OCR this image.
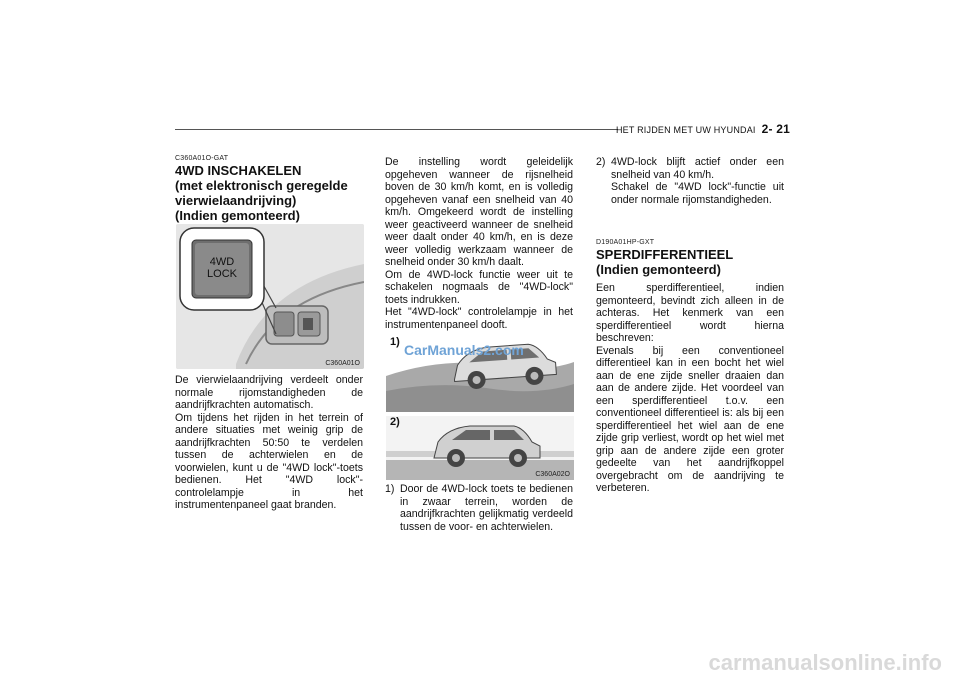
HET RIJDEN MET UW HYUNDAI 2- 21
C360A01O-GAT
4WD INSCHAKELEN
(met elektronisch geregelde
vierwielaandrijving)
(Indien gemonteerd)
4WD
LOCK
C360A01O

De vierwielaandrijving verdeelt onder normale rijomstandigheden de aandrijfkrachten automatisch.

Om tijdens het rijden in het terrein of andere situaties met weinig grip de aandrijfkrachten 50:50 te verdelen tussen de achterwielen en de voorwielen, kunt u de "4WD lock"-toets bedienen. Het "4WD lock"-controlelampje in het instrumentenpaneel gaat branden.

De instelling wordt geleidelijk opgeheven wanneer de rijsnelheid boven de 30 km/h komt, en is volledig opgeheven vanaf een snelheid van 40 km/h. Omgekeerd wordt de instelling weer geactiveerd wanneer de snelheid weer daalt onder 40 km/h, en is deze weer volledig werkzaam wanneer de snelheid onder 30 km/h daalt.

Om de 4WD-lock functie weer uit te schakelen nogmaals de "4WD-lock" toets indrukken.

Het "4WD-lock" controlelampje in het instrumentenpaneel dooft.

1) CarManuals2.com
2)
C360A02O
1) Door de 4WD-lock toets te bedienen in zwaar terrein, worden de aandrijfkrachten gelijkmatig verdeeld tussen de voor- en achterwielen.
2) 4WD-lock blijft actief onder een snelheid van 40 km/h.
Schakel de "4WD lock"-functie uit onder normale rijomstandigheden.
D190A01HP-GXT
SPERDIFFERENTIEEL
(Indien gemonteerd)

Een sperdifferentieel, indien gemonteerd, bevindt zich alleen in de achteras. Het kenmerk van een sperdifferentieel wordt hierna beschreven:

Evenals bij een conventioneel differentieel kan in een bocht het wiel aan de ene zijde sneller draaien dan aan de andere zijde. Het voordeel van een sperdifferentieel t.o.v. een conventioneel differentieel is: als bij een sperdifferentieel het wiel aan de ene zijde grip verliest, wordt op het wiel met grip aan de andere zijde een groter gedeelte van het aandrijfkoppel overgebracht om de aandrijving te verbeteren.

carmanualsonline.info
